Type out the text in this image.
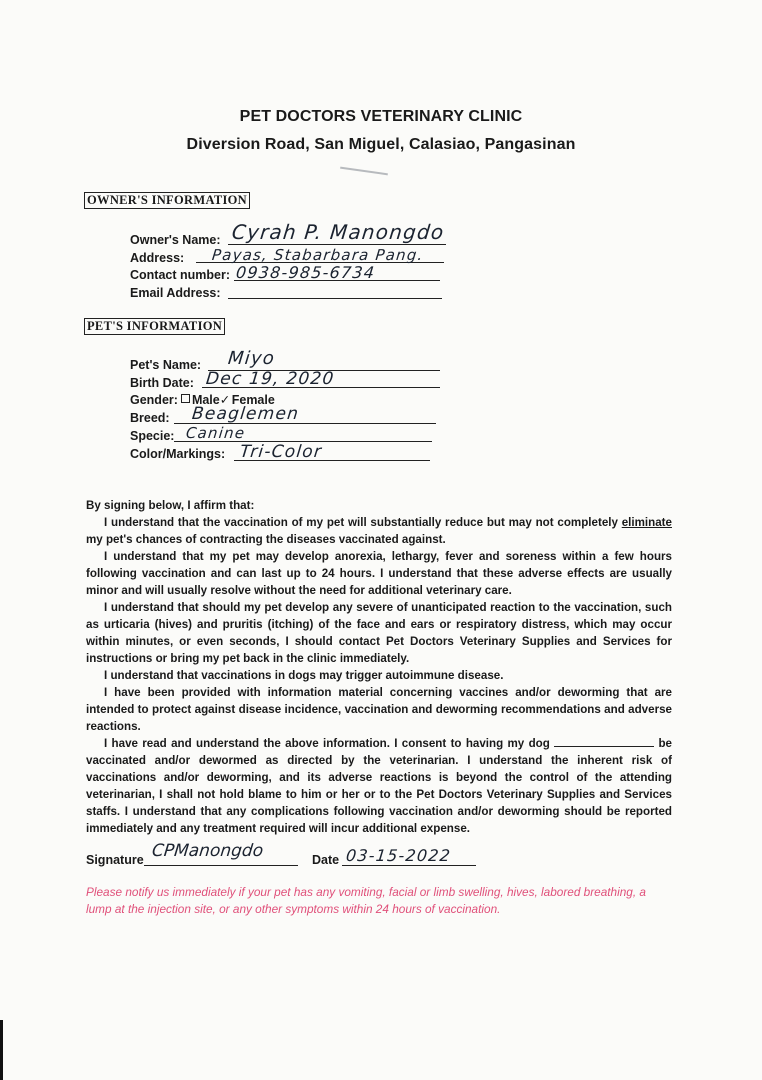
PET DOCTORS VETERINARY CLINIC
Diversion Road, San Miguel, Calasiao, Pangasinan
OWNER'S INFORMATION
Owner's Name: Cyrah P. Manongdo
Address: Payas, Stabarbara Pang.
Contact number: 0938-985-6734
Email Address:
PET'S INFORMATION
Pet's Name: Miyo
Birth Date: Dec 19, 2020
Gender: Male✓ Female
Breed: Beaglemen
Specie: Canine
Color/Markings: Tri-Color

By signing below, I affirm that:

I understand that the vaccination of my pet will substantially reduce but may not completely eliminate my pet's chances of contracting the diseases vaccinated against.

I understand that my pet may develop anorexia, lethargy, fever and soreness within a few hours following vaccination and can last up to 24 hours. I understand that these adverse effects are usually minor and will usually resolve without the need for additional veterinary care.

I understand that should my pet develop any severe of unanticipated reaction to the vaccination, such as urticaria (hives) and pruritis (itching) of the face and ears or respiratory distress, which may occur within minutes, or even seconds, I should contact Pet Doctors Veterinary Supplies and Services for instructions or bring my pet back in the clinic immediately.

I understand that vaccinations in dogs may trigger autoimmune disease.

I have been provided with information material concerning vaccines and/or deworming that are intended to protect against disease incidence, vaccination and deworming recommendations and adverse reactions.

I have read and understand the above information. I consent to having my dog	be vaccinated and/or dewormed as directed by the veterinarian. I understand the inherent risk of vaccinations and/or deworming, and its adverse reactions is beyond the control of the attending veterinarian, I shall not hold blame to him or her or to the Pet Doctors Veterinary Supplies and Services staffs. I understand that any complications following vaccination and/or deworming should be reported immediately and any treatment required will incur additional expense.

Signature CPManongdo	Date 03-15-2022
Please notify us immediately if your pet has any vomiting, facial or limb swelling, hives, labored breathing, a lump at the injection site, or any other symptoms within 24 hours of vaccination.
